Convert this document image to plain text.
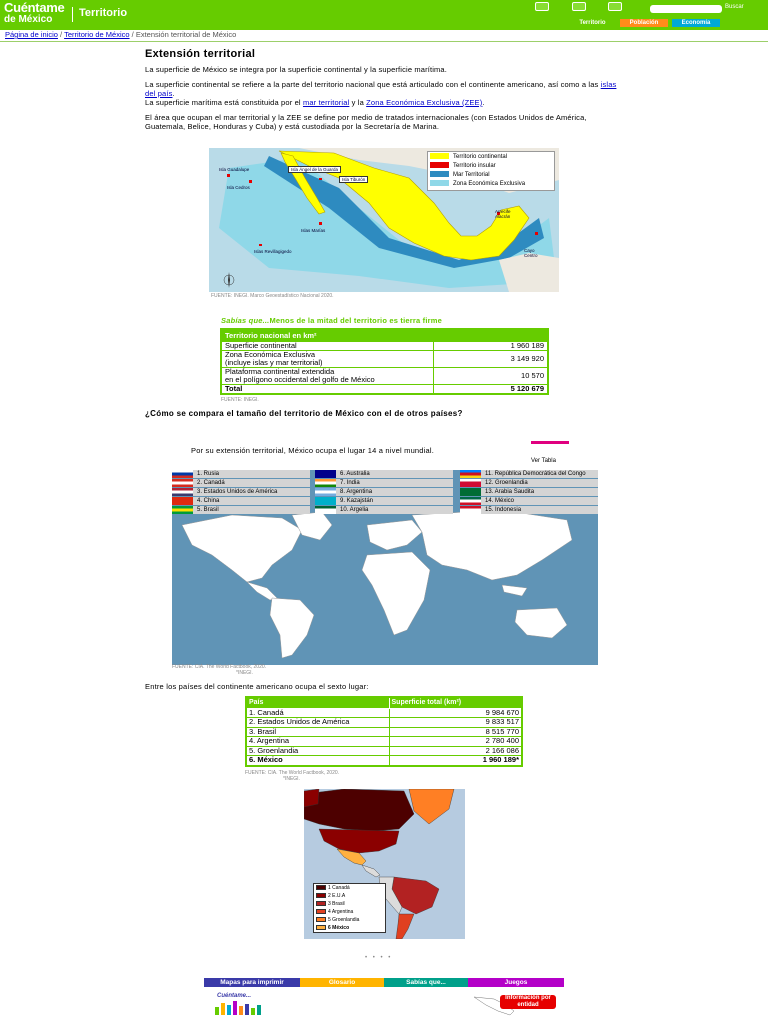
Cuéntame
de México
Territorio	Buscar
Territorio	Población	Economía
Página de inicio / Territorio de México / Extensión territorial de México
Extensión territorial
La superficie de México se integra por la superficie continental y la superficie marítima.
La superficie continental se refiere a la parte del territorio nacional que está articulado con el continente americano, así como a las islas del país.
La superficie marítima está constituida por el mar territorial y la Zona Económica Exclusiva (ZEE).
El área que ocupan el mar territorial y la ZEE se define por medio de tratados internacionales (con Estados Unidos de América, Guatemala, Belice, Honduras y Cuba) y está custodiada por la Secretaría de Marina.
Isla Guadalupe
Isla Cedros
Isla Ángel de la Guarda
Isla Tiburón
Islas Marías
Islas Revillagigedo
Arrecife Alacrán
Cayo Centro
Territorio continental
Territorio insular
Mar Territorial
Zona Económica Exclusiva
FUENTE: INEGI. Marco Geoestadístico Nacional 2020.
Sabías que...Menos de la mitad del territorio es tierra firme
Territorio nacional en km²	
Superficie continental	1 960 189
Zona Económica Exclusiva
(incluye islas y mar territorial)	3 149 920
Plataforma continental extendida
en el polígono occidental del golfo de México	10 570
Total	5 120 679
FUENTE: INEGI.
¿Cómo se compara el tamaño del territorio de México con el de otros países?
Por su extensión territorial, México ocupa el lugar 14 a nivel mundial.
Ver Tabla
1. Rusia
2. Canadá
3. Estados Unidos de América
4. China
5. Brasil
6. Australia
7. India
8. Argentina
9. Kazajstán
10. Argelia
11. República Democrática del Congo
12. Groenlandia
13. Arabia Saudita
14. México
15. Indonesia
FUENTE: CIA. The World Factbook, 2020.
*INEGI.
Entre los países del continente americano ocupa el sexto lugar:
País	Superficie total (km²)
1. Canadá	9 984 670
2. Estados Unidos de América	9 833 517
3. Brasil	8 515 770
4. Argentina	2 780 400
5. Groenlandia	2 166 086
6. México	1 960 189*
FUENTE: CIA. The World Factbook, 2020.
*INEGI.
1 Canadá
2 E.U.A
3 Brasil
4 Argentina
5 Groenlandia
6 México
• • • •
Mapas para imprimir	Glosario	Sabías que...	Juegos
Cuéntame...	Información por entidad
